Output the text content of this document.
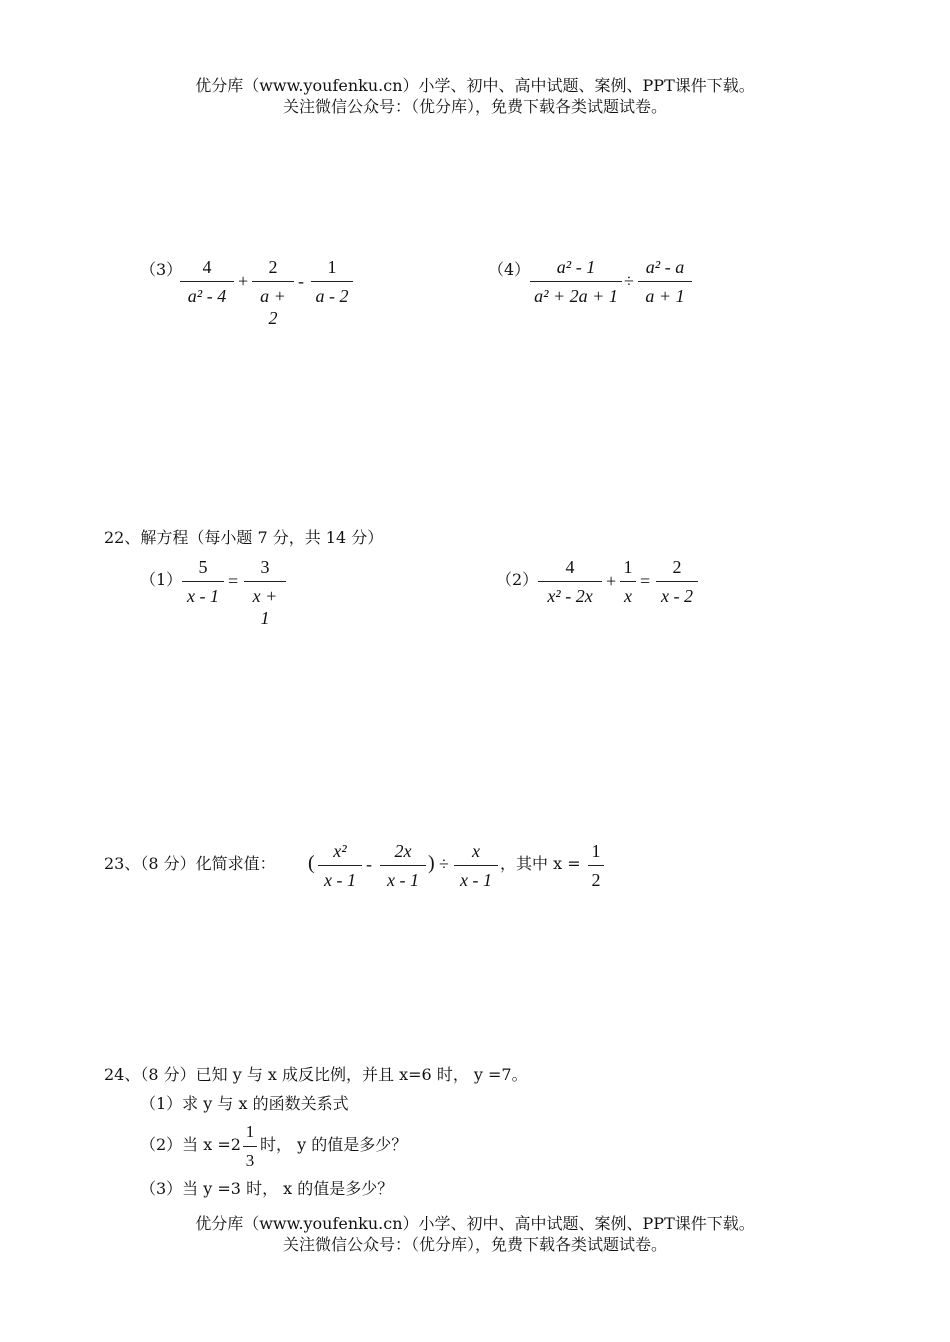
优分库（www.youfenku.cn）小学、初中、高中试题、案例、PPT课件下载。
关注微信公众号：（优分库），免费下载各类试题试卷。
（3）	4
a² - 4
+
2
a + 2
-
1
a - 2
（4）	a² - 1
a² + 2a + 1
÷
a² - a
a + 1
22、解方程（每小题 7 分，共 14 分）
（1）
5
x - 1
=
3
x + 1
（2）
4
x² - 2x
+
1
x
=
2
x - 2
23、（8 分）化简求值： (
x²
x - 1
-
2x
x - 1
) ÷
x
x - 1
，其中 x =
1
2
24、（8 分）已知 y 与 x 成反比例，并且 x=6 时， y =7。
（1）求 y 与 x 的函数关系式
（2）当 x =2
1
3
时， y 的值是多少？
（3）当 y =3 时， x 的值是多少？
优分库（www.youfenku.cn）小学、初中、高中试题、案例、PPT课件下载。
关注微信公众号：（优分库），免费下载各类试题试卷。
